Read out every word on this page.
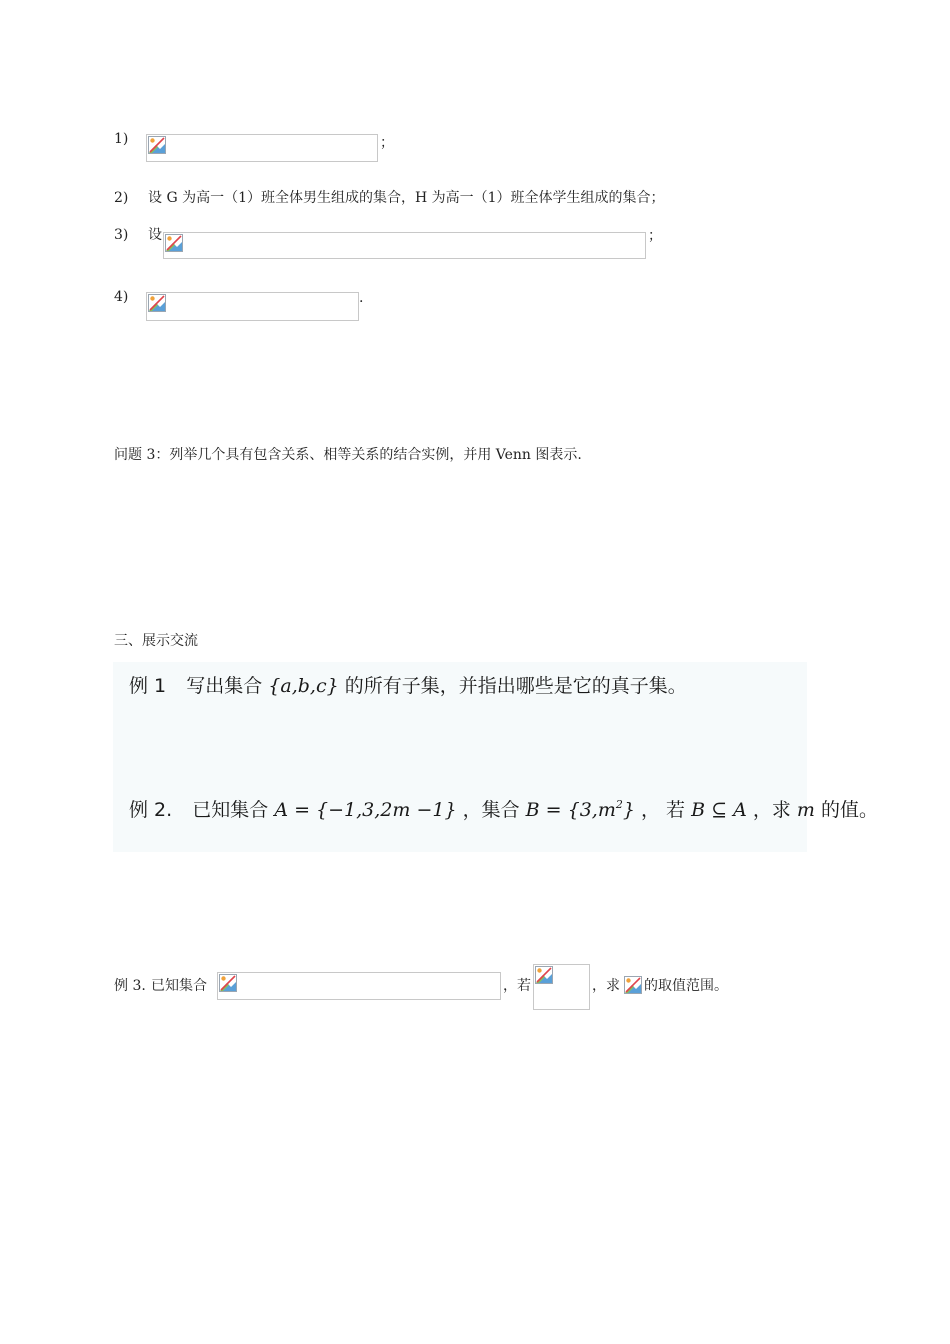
1)	；
2) 设 G 为高一（1）班全体男生组成的集合，H 为高一（1）班全体学生组成的集合；
3) 设	；
4)	.
问题 3：列举几个具有包含关系、相等关系的结合实例，并用 Venn 图表示.
三、展示交流
例 1 写出集合 {a,b,c} 的所有子集，并指出哪些是它的真子集。
例 2. 已知集合 A = {−1,3,2m −1} ，集合 $B = \{3,m^2\}$ ， 若 B ⊆ A ，求 m 的值。
例 3. 已知集合	，若	，求 的取值范围。
